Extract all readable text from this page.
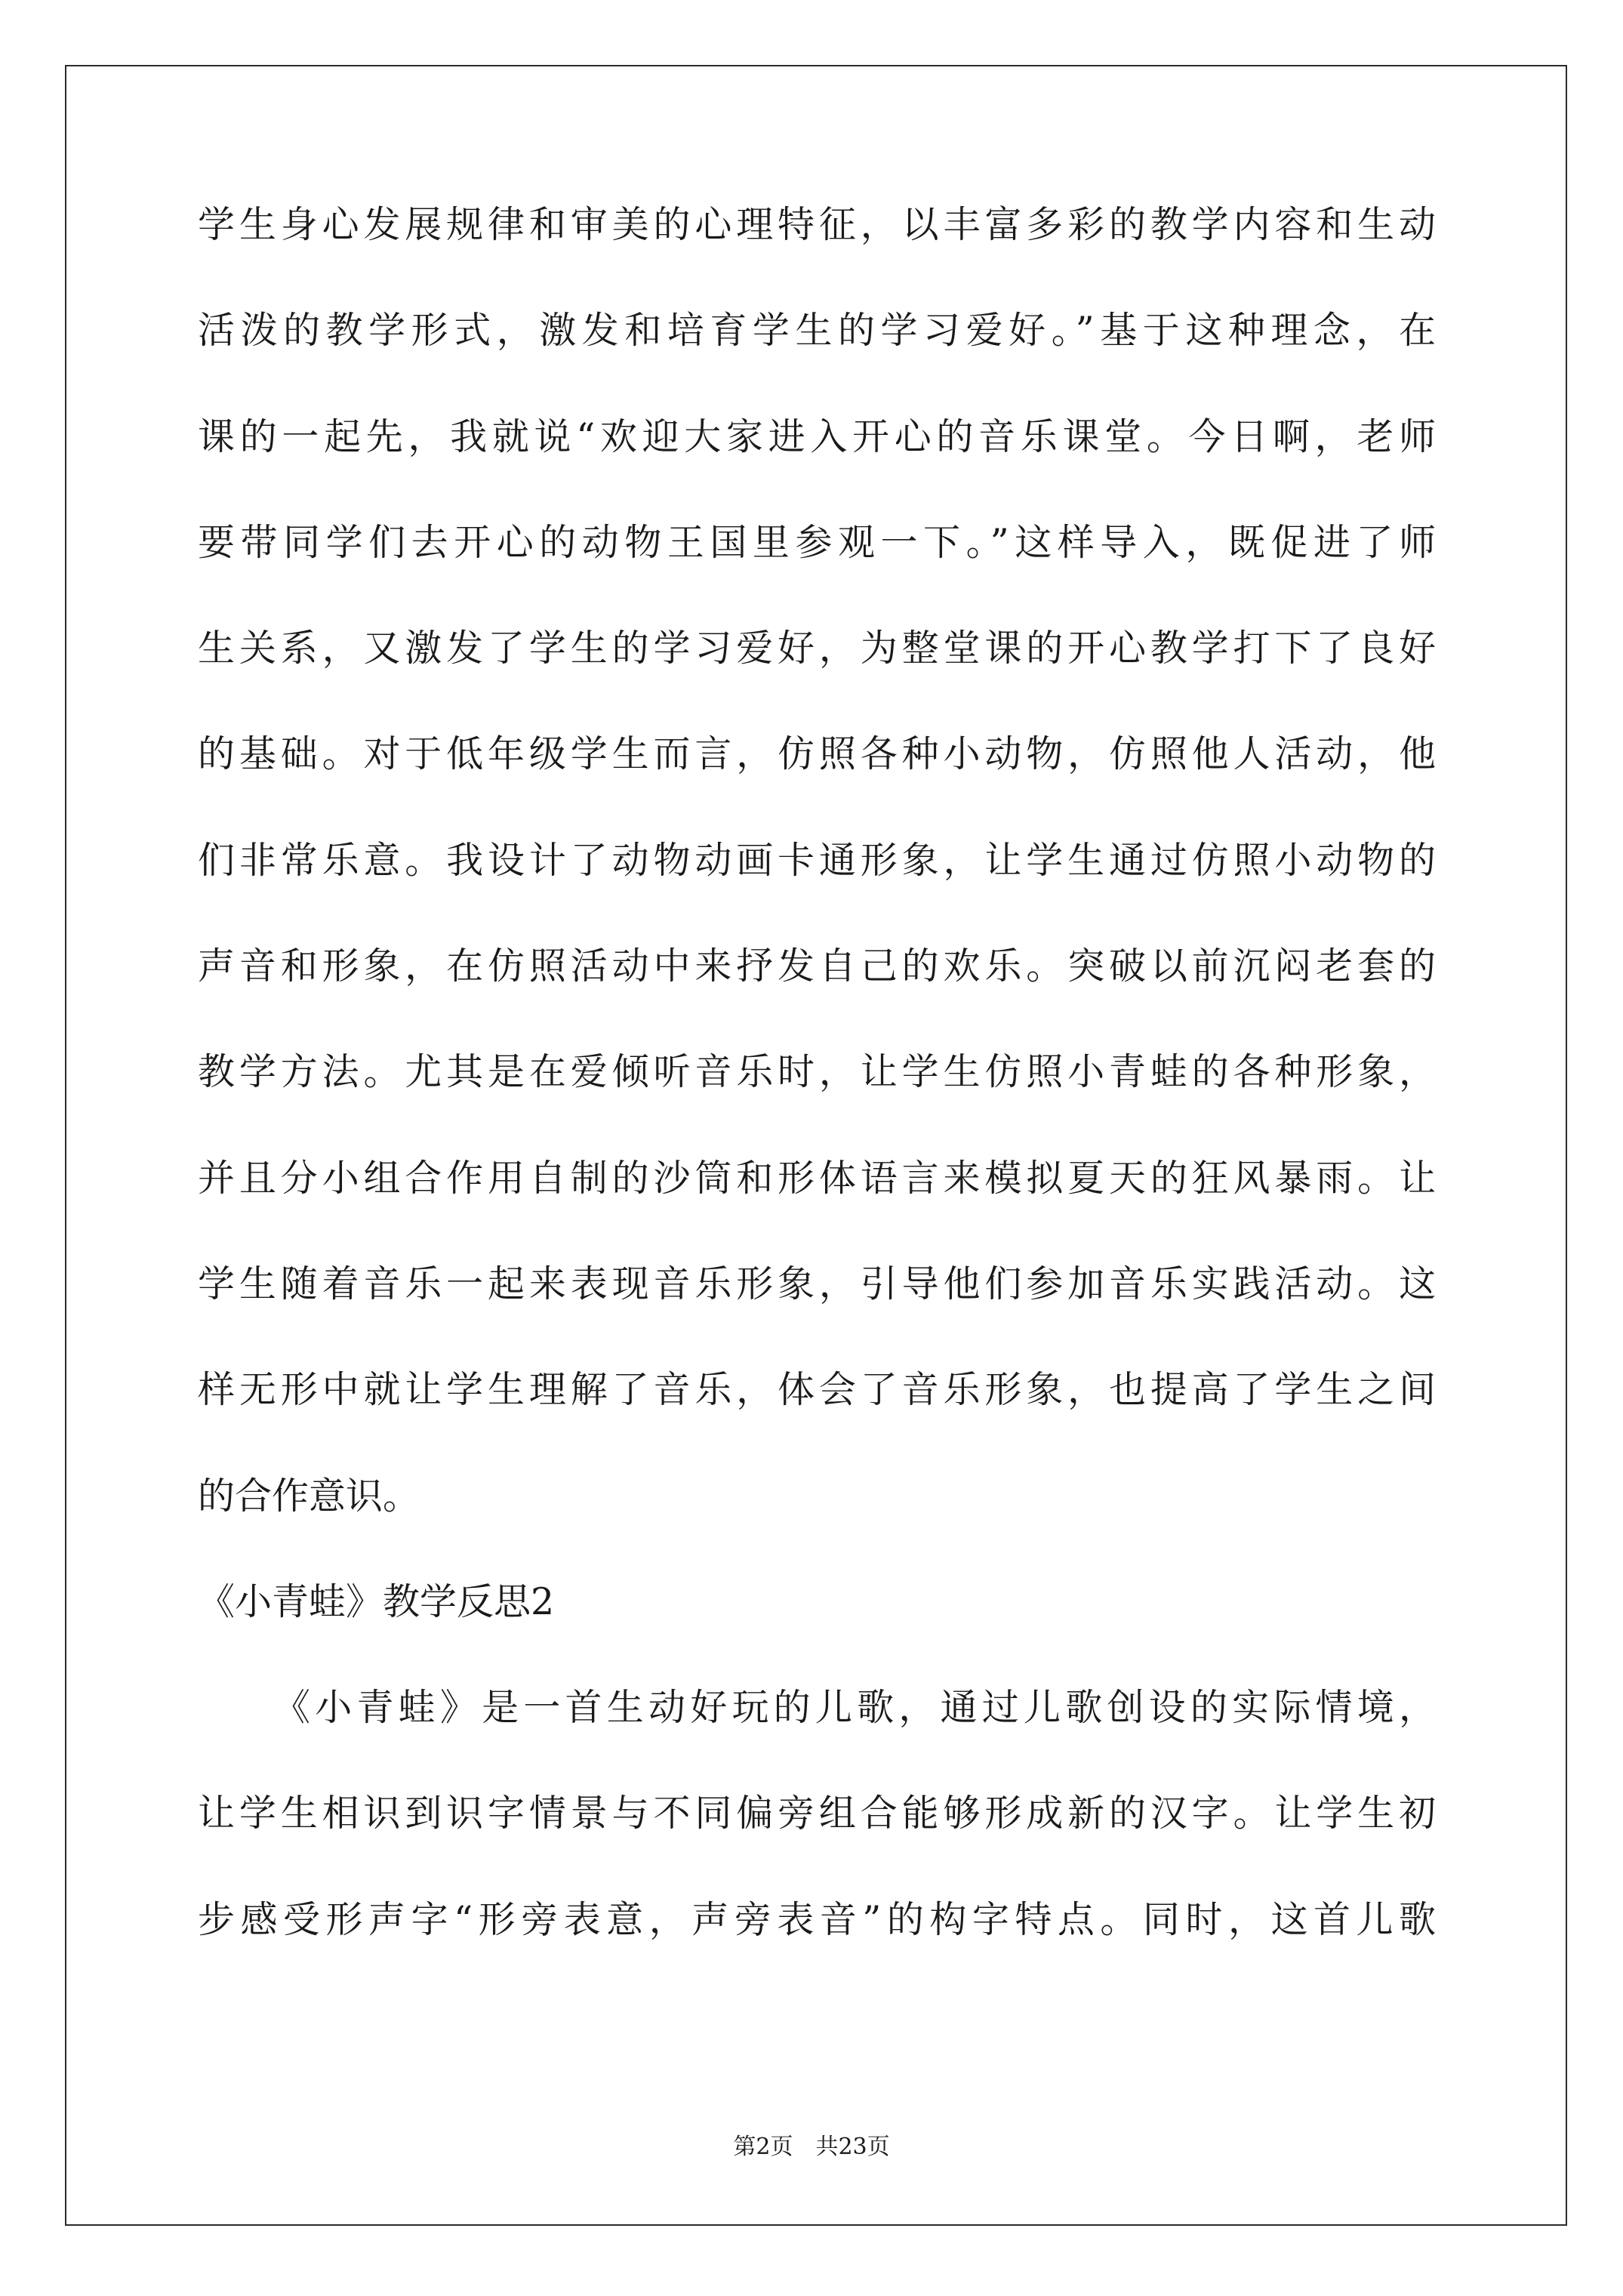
学生身心发展规律和审美的心理特征，以丰富多彩的教学内容和生动
活泼的教学形式，激发和培育学生的学习爱好。”基于这种理念，在
课的一起先，我就说“欢迎大家进入开心的音乐课堂。今日啊，老师
要带同学们去开心的动物王国里参观一下。”这样导入，既促进了师
生关系，又激发了学生的学习爱好，为整堂课的开心教学打下了良好
的基础。对于低年级学生而言，仿照各种小动物，仿照他人活动，他
们非常乐意。我设计了动物动画卡通形象，让学生通过仿照小动物的
声音和形象，在仿照活动中来抒发自己的欢乐。突破以前沉闷老套的
教学方法。尤其是在爱倾听音乐时，让学生仿照小青蛙的各种形象，
并且分小组合作用自制的沙筒和形体语言来模拟夏天的狂风暴雨。让
学生随着音乐一起来表现音乐形象，引导他们参加音乐实践活动。这
样无形中就让学生理解了音乐，体会了音乐形象，也提高了学生之间
的合作意识。
《小青蛙》教学反思2
《小青蛙》是一首生动好玩的儿歌，通过儿歌创设的实际情境，
让学生相识到识字情景与不同偏旁组合能够形成新的汉字。让学生初
步感受形声字“形旁表意，声旁表音”的构字特点。同时，这首儿歌
第2页 共23页
